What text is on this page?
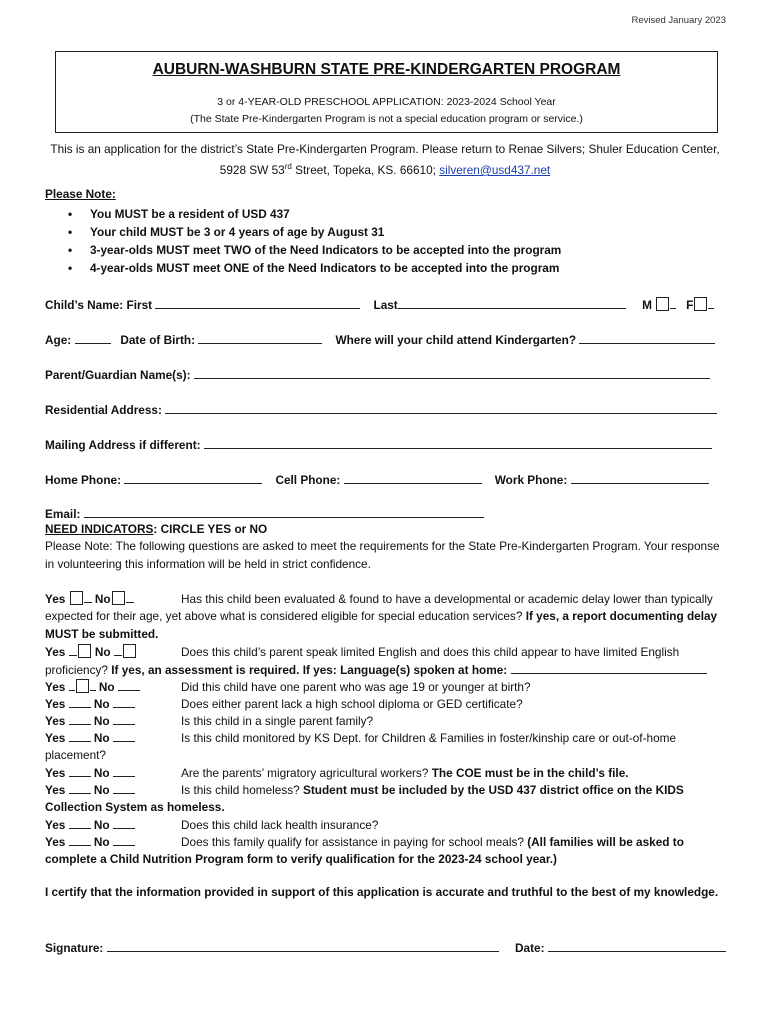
Revised January 2023
AUBURN-WASHBURN STATE PRE-KINDERGARTEN PROGRAM
3 or 4-YEAR-OLD PRESCHOOL APPLICATION: 2023-2024 School Year
(The State Pre-Kindergarten Program is not a special education program or service.)
This is an application for the district’s State Pre-Kindergarten Program. Please return to Renae Silvers; Shuler Education Center, 5928 SW 53rd Street, Topeka, KS. 66610; silveren@usd437.net
Please Note:
• You MUST be a resident of USD 437
• Your child MUST be 3 or 4 years of age by August 31
• 3-year-olds MUST meet TWO of the Need Indicators to be accepted into the program
• 4-year-olds MUST meet ONE of the Need Indicators to be accepted into the program
Child’s Name: First	Last	M	F
Age:	Date of Birth:	Where will your child attend Kindergarten?
Parent/Guardian Name(s):
Residential Address:
Mailing Address if different:
Home Phone:	Cell Phone:	Work Phone:
Email:
NEED INDICATORS: CIRCLE YES or NO
Please Note: The following questions are asked to meet the requirements for the State Pre-Kindergarten Program. Your response in volunteering this information will be held in strict confidence.
Yes	No	Has this child been evaluated & found to have a developmental or academic delay lower than typically expected for their age, yet above what is considered eligible for special education services? If yes, a report documenting delay MUST be submitted.
Yes	No	Does this child’s parent speak limited English and does this child appear to have limited English proficiency? If yes, an assessment is required. If yes: Language(s) spoken at home:
Yes	No	Did this child have one parent who was age 19 or younger at birth?
Yes No	Does either parent lack a high school diploma or GED certificate?
Yes No	Is this child in a single parent family?
Yes No	Is this child monitored by KS Dept. for Children & Families in foster/kinship care or out-of-home placement?
Yes No	Are the parents’ migratory agricultural workers? The COE must be in the child’s file.
Yes No	Is this child homeless? Student must be included by the USD 437 district office on the KIDS Collection System as homeless.
Yes No	Does this child lack health insurance?
Yes No	Does this family qualify for assistance in paying for school meals? (All families will be asked to complete a Child Nutrition Program form to verify qualification for the 2023-24 school year.)
I certify that the information provided in support of this application is accurate and truthful to the best of my knowledge.
Signature:	Date:
